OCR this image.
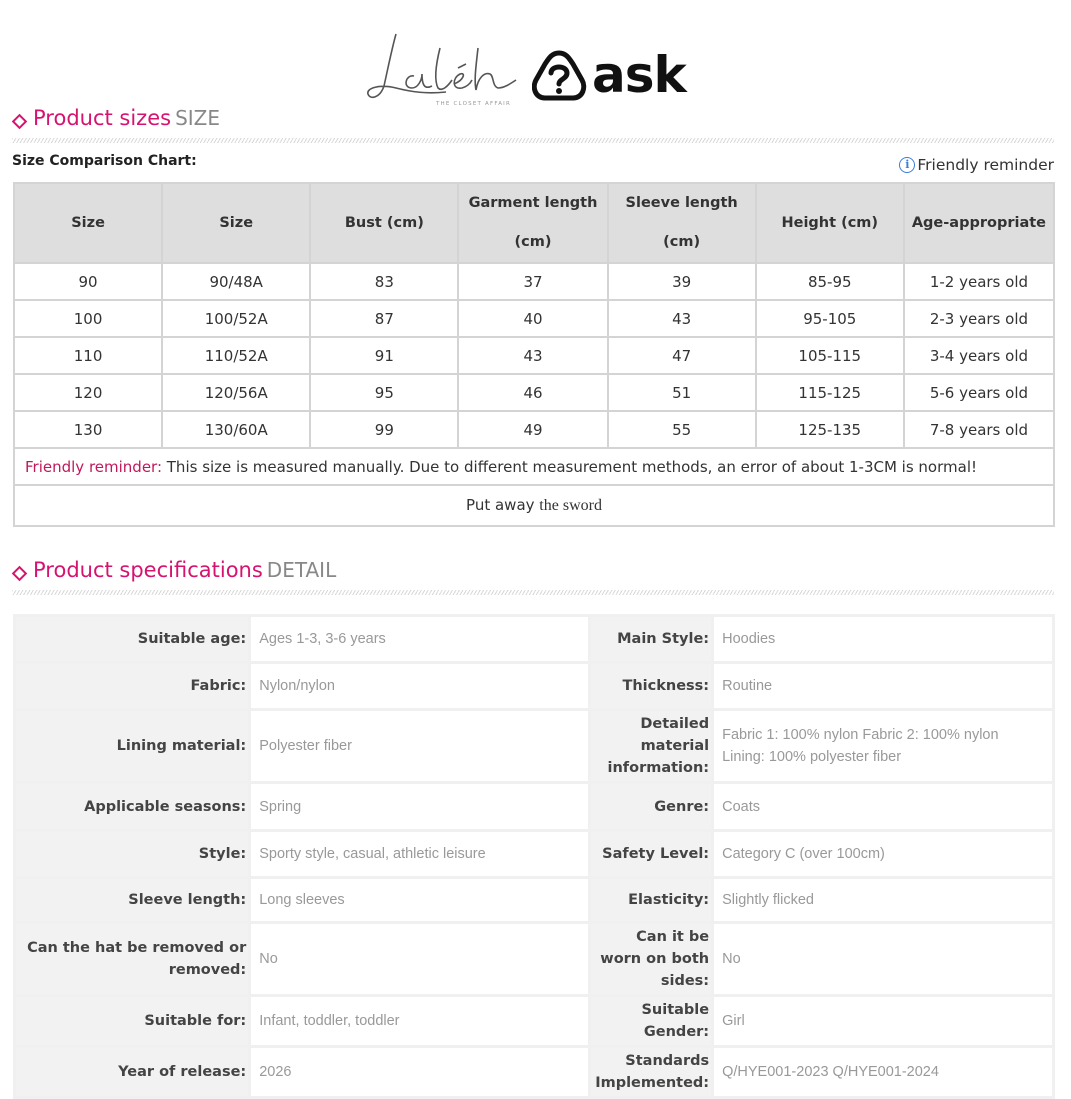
THE CLOSET AFFAIR ask
Product sizes SIZE
Size Comparison Chart:	i Friendly reminder
Size	Size	Bust (cm)	Garment length (cm)	Sleeve length (cm)	Height (cm)	Age-appropriate
90	90/48A	83	37	39	85-95	1-2 years old
100	100/52A	87	40	43	95-105	2-3 years old
110	110/52A	91	43	47	105-115	3-4 years old
120	120/56A	95	46	51	115-125	5-6 years old
130	130/60A	99	49	55	125-135	7-8 years old
Friendly reminder: This size is measured manually. Due to different measurement methods, an error of about 1-3CM is normal!						
Put away the sword						
Product specifications DETAIL
Suitable age:	Ages 1-3, 3-6 years	Main Style:	Hoodies
Fabric:	Nylon/nylon	Thickness:	Routine
Lining material:	Polyester fiber	Detailed material information:	Fabric 1: 100% nylon Fabric 2: 100% nylon Lining: 100% polyester fiber
Applicable seasons:	Spring	Genre:	Coats
Style:	Sporty style, casual, athletic leisure	Safety Level:	Category C (over 100cm)
Sleeve length:	Long sleeves	Elasticity:	Slightly flicked
Can the hat be removed or removed:	No	Can it be worn on both sides:	No
Suitable for:	Infant, toddler, toddler	Suitable Gender:	Girl
Year of release:	2026	Standards Implemented:	Q/HYE001-2023 Q/HYE001-2024
